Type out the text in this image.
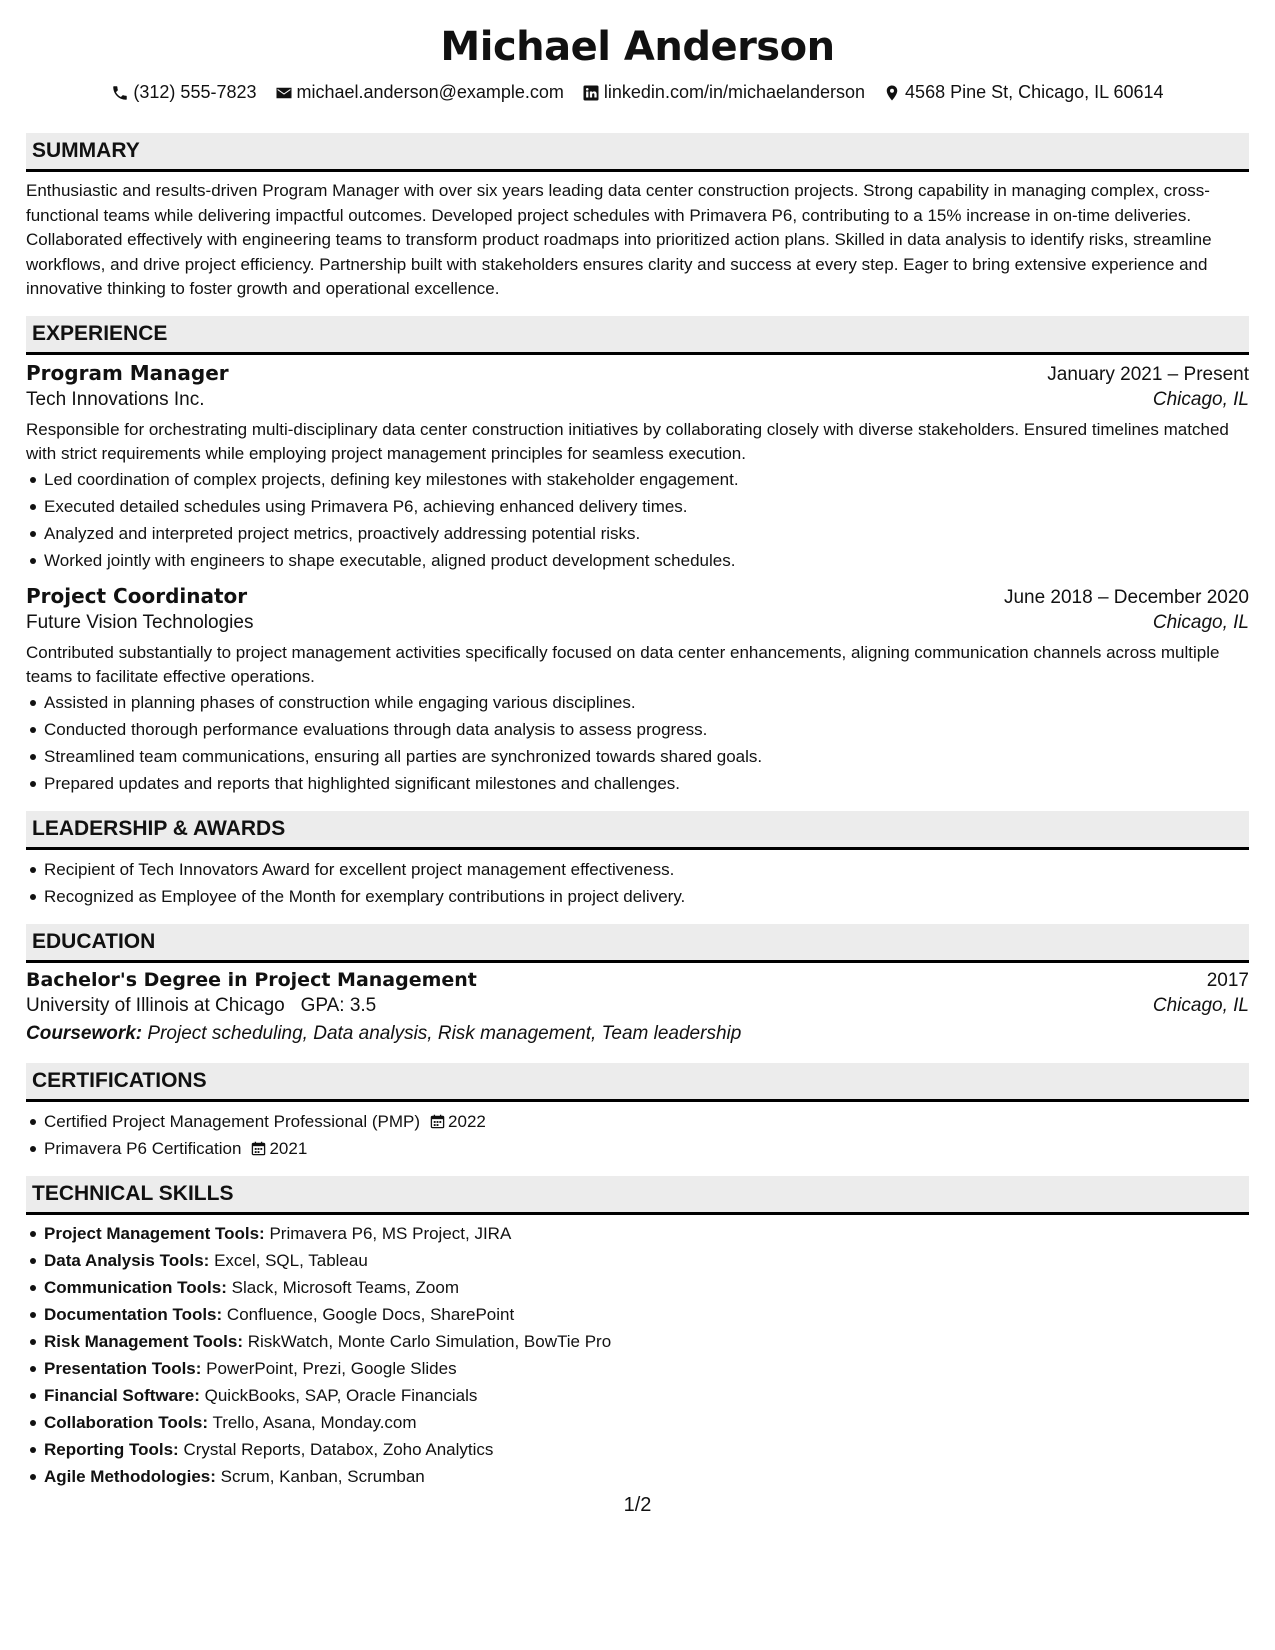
Michael Anderson
(312) 555-7823 michael.anderson@example.com linkedin.com/in/michaelanderson 4568 Pine St, Chicago, IL 60614
SUMMARY
Enthusiastic and results-driven Program Manager with over six years leading data center construction projects. Strong capability in managing complex, cross-functional teams while delivering impactful outcomes. Developed project schedules with Primavera P6, contributing to a 15% increase in on-time deliveries. Collaborated effectively with engineering teams to transform product roadmaps into prioritized action plans. Skilled in data analysis to identify risks, streamline workflows, and drive project efficiency. Partnership built with stakeholders ensures clarity and success at every step. Eager to bring extensive experience and innovative thinking to foster growth and operational excellence.
EXPERIENCE
Program Manager	January 2021 – Present
Tech Innovations Inc.	Chicago, IL
Responsible for orchestrating multi-disciplinary data center construction initiatives by collaborating closely with diverse stakeholders. Ensured timelines matched with strict requirements while employing project management principles for seamless execution.
Led coordination of complex projects, defining key milestones with stakeholder engagement.
Executed detailed schedules using Primavera P6, achieving enhanced delivery times.
Analyzed and interpreted project metrics, proactively addressing potential risks.
Worked jointly with engineers to shape executable, aligned product development schedules.
Project Coordinator	June 2018 – December 2020
Future Vision Technologies	Chicago, IL
Contributed substantially to project management activities specifically focused on data center enhancements, aligning communication channels across multiple teams to facilitate effective operations.
Assisted in planning phases of construction while engaging various disciplines.
Conducted thorough performance evaluations through data analysis to assess progress.
Streamlined team communications, ensuring all parties are synchronized towards shared goals.
Prepared updates and reports that highlighted significant milestones and challenges.
LEADERSHIP & AWARDS
Recipient of Tech Innovators Award for excellent project management effectiveness.
Recognized as Employee of the Month for exemplary contributions in project delivery.
EDUCATION
Bachelor's Degree in Project Management	2017
University of Illinois at Chicago GPA: 3.5	Chicago, IL
Coursework: Project scheduling, Data analysis, Risk management, Team leadership
CERTIFICATIONS
Certified Project Management Professional (PMP) 2022
Primavera P6 Certification 2021
TECHNICAL SKILLS
Project Management Tools: Primavera P6, MS Project, JIRA
Data Analysis Tools: Excel, SQL, Tableau
Communication Tools: Slack, Microsoft Teams, Zoom
Documentation Tools: Confluence, Google Docs, SharePoint
Risk Management Tools: RiskWatch, Monte Carlo Simulation, BowTie Pro
Presentation Tools: PowerPoint, Prezi, Google Slides
Financial Software: QuickBooks, SAP, Oracle Financials
Collaboration Tools: Trello, Asana, Monday.com
Reporting Tools: Crystal Reports, Databox, Zoho Analytics
Agile Methodologies: Scrum, Kanban, Scrumban
1/2
